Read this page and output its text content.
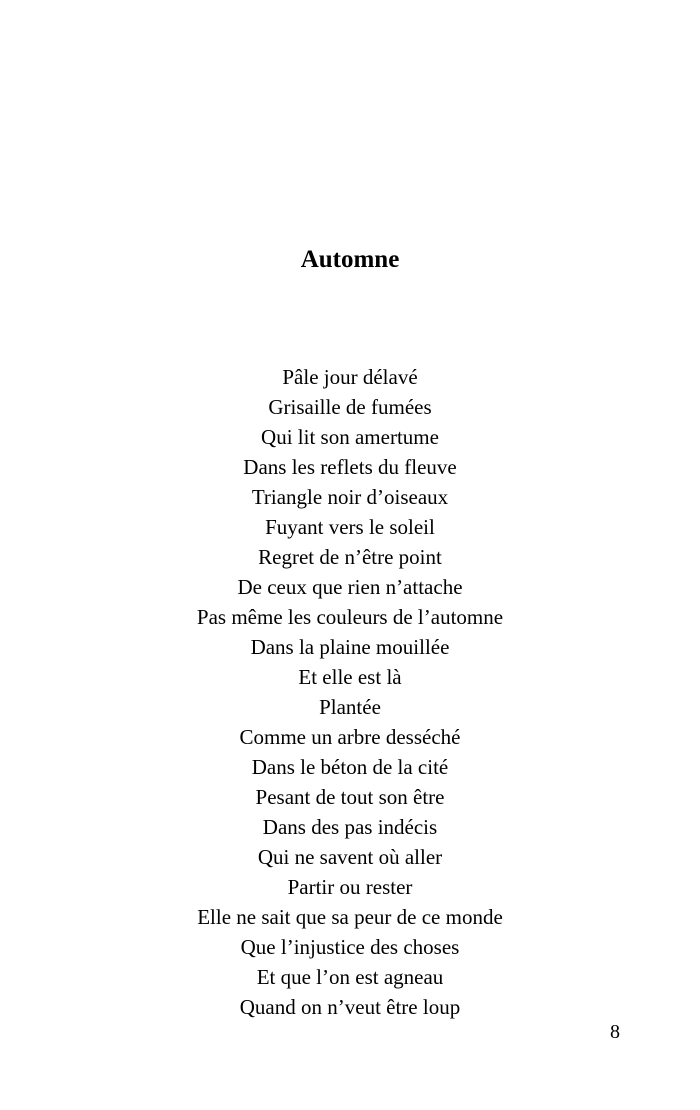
Automne
Pâle jour délavé
Grisaille de fumées
Qui lit son amertume
Dans les reflets du fleuve
Triangle noir d’oiseaux
Fuyant vers le soleil
Regret de n’être point
De ceux que rien n’attache
Pas même les couleurs de l’automne
Dans la plaine mouillée
Et elle est là
Plantée
Comme un arbre desséché
Dans le béton de la cité
Pesant de tout son être
Dans des pas indécis
Qui ne savent où aller
Partir ou rester
Elle ne sait que sa peur de ce monde
Que l’injustice des choses
Et que l’on est agneau
Quand on n’veut être loup
8
